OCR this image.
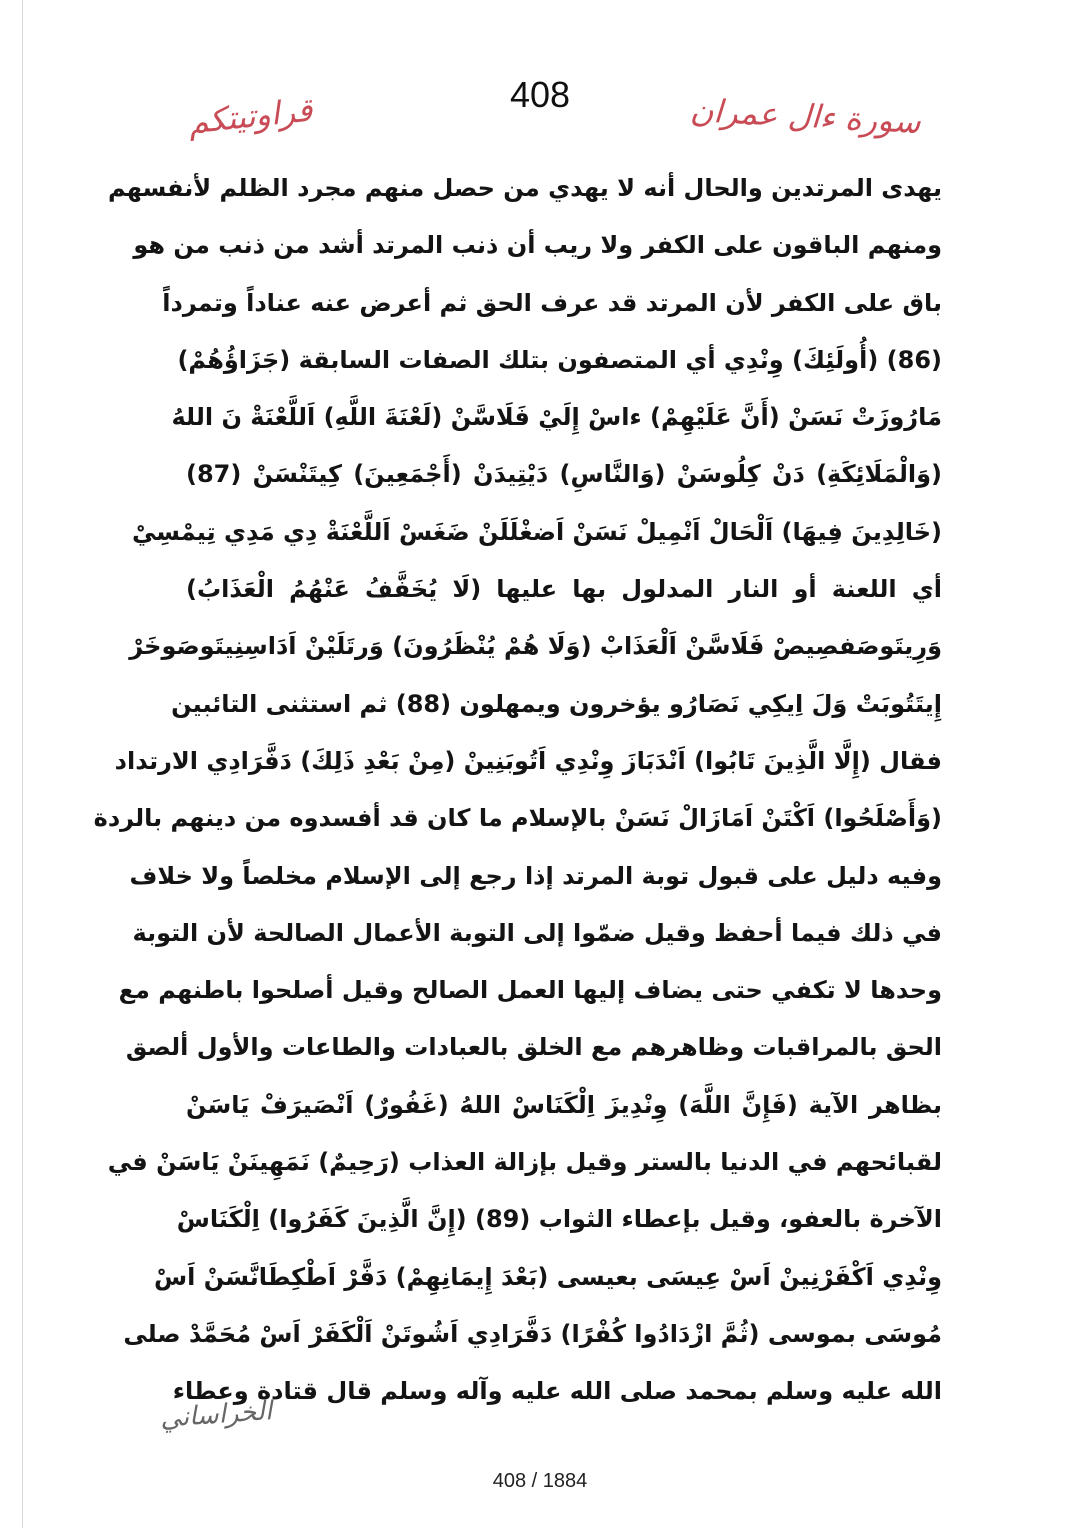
قراوتيتكم	408	سورة ءال عمران
يهدى المرتدين والحال أنه لا يهدي من حصل منهم مجرد الظلم لأنفسهم
ومنهم الباقون على الكفر ولا ريب أن ذنب المرتد أشد من ذنب من هو
باق على الكفر لأن المرتد قد عرف الحق ثم أعرض عنه عناداً وتمرداً
(86) (أُولَئِكَ) وِنْدِي أي المتصفون بتلك الصفات السابقة (جَزَاؤُهُمْ)
مَارُوزَتْ نَسَنْ (أَنَّ عَلَيْهِمْ) ءاسْ إِلَيْ فَلَاسَّنْ (لَعْنَةَ اللَّهِ) اَللَّعْنَةْ نَ اللهُ
(وَالْمَلَائِكَةِ) دَنْ كِلُوسَنْ (وَالنَّاسِ) دَيْتِيدَنْ (أَجْمَعِينَ) كِيتَنْسَنْ (87)
(خَالِدِينَ فِيهَا) اَلْحَالْ اَنْمِيلْ نَسَنْ اَضغْلَلَنْ ضَغَسْ اَللَّعْنَةْ دِي مَدِي تِيمْسِيْ
أي اللعنة أو النار المدلول بها عليها (لَا يُخَفَّفُ عَنْهُمُ الْعَذَابُ)
وَرِيتَوصَفصِيصْ فَلَاسَّنْ اَلْعَذَابْ (وَلَا هُمْ يُنْظَرُونَ) وَرتَلَيْنْ اَدَاسِنِيتَوصَوخَرْ
إِيتَتُوبَتْ وَلَ اِيكِي نَصَارُو يؤخرون ويمهلون (88) ثم استثنى التائبين
فقال (إِلَّا الَّذِينَ تَابُوا) اَنْدَبَازَ وِنْدِي اَتُوبَنِينْ (مِنْ بَعْدِ ذَلِكَ) دَفَّرَادِي الارتداد
(وَأَصْلَحُوا) اَكْتَنْ اَمَازَالْ نَسَنْ بالإسلام ما كان قد أفسدوه من دينهم بالردة
وفيه دليل على قبول توبة المرتد إذا رجع إلى الإسلام مخلصاً ولا خلاف
في ذلك فيما أحفظ وقيل ضمّوا إلى التوبة الأعمال الصالحة لأن التوبة
وحدها لا تكفي حتى يضاف إليها العمل الصالح وقيل أصلحوا باطنهم مع
الحق بالمراقبات وظاهرهم مع الخلق بالعبادات والطاعات والأول ألصق
بظاهر الآية (فَإِنَّ اللَّهَ) وِنْدِيزَ اِلْكَنَاسْ اللهُ (غَفُورٌ) اَنْصَيرَفْ يَاسَنْ
لقبائحهم في الدنيا بالستر وقيل بإزالة العذاب (رَحِيمٌ) نَمَهِينَنْ يَاسَنْ في
الآخرة بالعفو، وقيل بإعطاء الثواب (89) (إِنَّ الَّذِينَ كَفَرُوا) اِلْكَنَاسْ
وِنْدِي اَكْفَرْنِينْ اَسْ عِيسَى بعيسى (بَعْدَ إِيمَانِهِمْ) دَفَّرْ اَطْكِطَانَّسَنْ اَسْ
مُوسَى بموسى (ثُمَّ ازْدَادُوا كُفْرًا) دَفَّرَادِي اَشُوتَنْ اَلْكَفَرْ اَسْ مُحَمَّدْ صلى
الله عليه وسلم بمحمد صلى الله عليه وآله وسلم قال قتادة وعطاء
الخراساني
408 / 1884
